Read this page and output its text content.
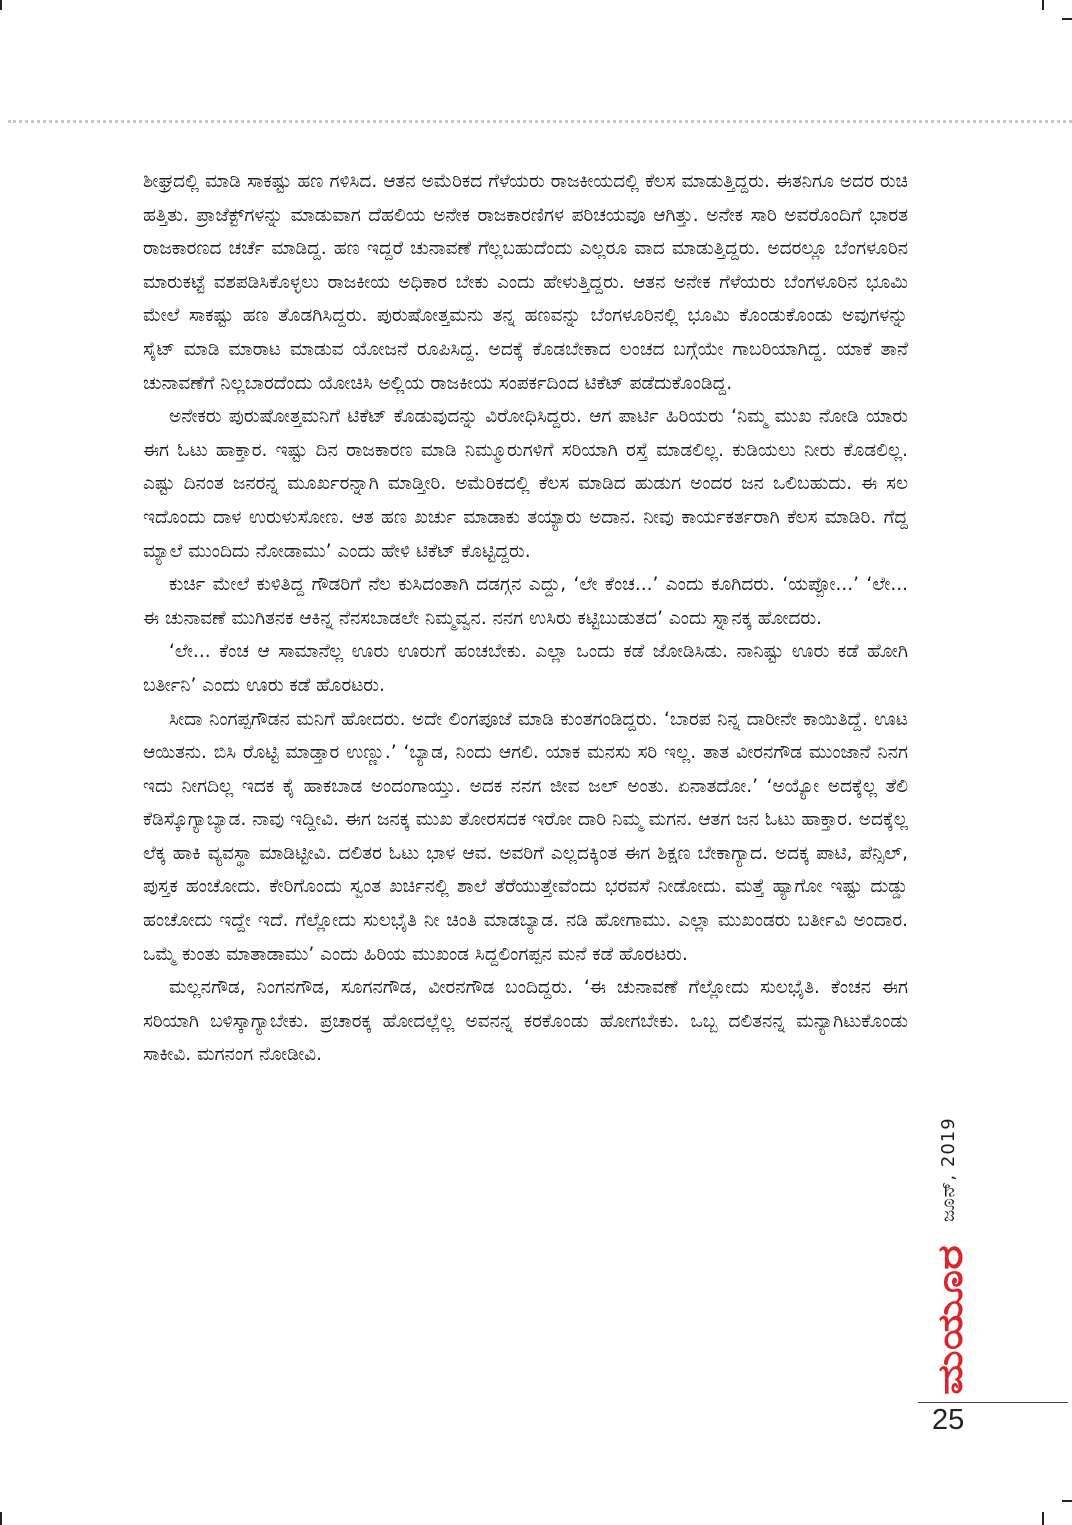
ಶೀಘ್ರದಲ್ಲಿ ಮಾಡಿ ಸಾಕಷ್ಟು ಹಣ ಗಳಿಸಿದ. ಆತನ ಅಮೆರಿಕದ ಗೆಳೆಯರು ರಾಜಕೀಯದಲ್ಲಿ ಕೆಲಸ ಮಾಡುತ್ತಿದ್ದರು. ಈತನಿಗೂ ಅದರ ರುಚಿ ಹತ್ತಿತು. ಪ್ರಾಜೆಕ್ಟ್‌ಗಳನ್ನು ಮಾಡುವಾಗ ದೆಹಲಿಯ ಅನೇಕ ರಾಜಕಾರಣಿಗಳ ಪರಿಚಯವೂ ಆಗಿತ್ತು. ಅನೇಕ ಸಾರಿ ಅವರೊಂದಿಗೆ ಭಾರತ ರಾಜಕಾರಣದ ಚರ್ಚೆ ಮಾಡಿದ್ದ. ಹಣ ಇದ್ದರೆ ಚುನಾವಣೆ ಗೆಲ್ಲಬಹುದೆಂದು ಎಲ್ಲರೂ ವಾದ ಮಾಡುತ್ತಿದ್ದರು. ಅದರಲ್ಲೂ ಬೆಂಗಳೂರಿನ ಮಾರುಕಟ್ಟೆ ವಶಪಡಿಸಿಕೊಳ್ಳಲು ರಾಜಕೀಯ ಅಧಿಕಾರ ಬೇಕು ಎಂದು ಹೇಳುತ್ತಿದ್ದರು. ಆತನ ಅನೇಕ ಗೆಳೆಯರು ಬೆಂಗಳೂರಿನ ಭೂಮಿ ಮೇಲೆ ಸಾಕಷ್ಟು ಹಣ ತೊಡಗಿಸಿದ್ದರು. ಪುರುಷೋತ್ತಮನು ತನ್ನ ಹಣವನ್ನು ಬೆಂಗಳೂರಿನಲ್ಲಿ ಭೂಮಿ ಕೊಂಡುಕೊಂಡು ಅವುಗಳನ್ನು ಸೈಟ್ ಮಾಡಿ ಮಾರಾಟ ಮಾಡುವ ಯೋಜನೆ ರೂಪಿಸಿದ್ದ. ಅದಕ್ಕೆ ಕೊಡಬೇಕಾದ ಲಂಚದ ಬಗ್ಗೆಯೇ ಗಾಬರಿಯಾಗಿದ್ದ. ಯಾಕೆ ತಾನೆ ಚುನಾವಣೆಗೆ ನಿಲ್ಲಬಾರದೆಂದು ಯೋಚಿಸಿ ಅಲ್ಲಿಯ ರಾಜಕೀಯ ಸಂಪರ್ಕದಿಂದ ಟಿಕೆಟ್ ಪಡೆದುಕೊಂಡಿದ್ದ.

ಅನೇಕರು ಪುರುಷೋತ್ತಮನಿಗೆ ಟಿಕೆಟ್ ಕೊಡುವುದನ್ನು ವಿರೋಧಿಸಿದ್ದರು. ಆಗ ಪಾರ್ಟಿ ಹಿರಿಯರು ‘ನಿಮ್ಮ ಮುಖ ನೋಡಿ ಯಾರು ಈಗ ಓಟು ಹಾಕ್ತಾರ. ಇಷ್ಟು ದಿನ ರಾಜಕಾರಣ ಮಾಡಿ ನಿಮ್ಮೂರುಗಳಿಗೆ ಸರಿಯಾಗಿ ರಸ್ತೆ ಮಾಡಲಿಲ್ಲ. ಕುಡಿಯಲು ನೀರು ಕೊಡಲಿಲ್ಲ. ಎಷ್ಟು ದಿನಂತ ಜನರನ್ನ ಮೂರ್ಖರನ್ನಾಗಿ ಮಾಡ್ತೀರಿ. ಅಮೆರಿಕದಲ್ಲಿ ಕೆಲಸ ಮಾಡಿದ ಹುಡುಗ ಅಂದರ ಜನ ಒಲಿಬಹುದು. ಈ ಸಲ ಇದೊಂದು ದಾಳ ಉರುಳುಸೋಣ. ಆತ ಹಣ ಖರ್ಚು ಮಾಡಾಕು ತಯ್ಯಾರು ಅದಾನ. ನೀವು ಕಾರ್ಯಕರ್ತರಾಗಿ ಕೆಲಸ ಮಾಡಿರಿ. ಗೆದ್ದ ಮ್ಯಾಲೆ ಮುಂದಿದು ನೋಡಾಮು’ ಎಂದು ಹೇಳಿ ಟಿಕೆಟ್ ಕೊಟ್ಟಿದ್ದರು.

ಕುರ್ಚಿ ಮೇಲೆ ಕುಳಿತಿದ್ದ ಗೌಡರಿಗೆ ನೆಲ ಕುಸಿದಂತಾಗಿ ದಡಗ್ಗನ ಎದ್ದು, ‘ಲೇ ಕೆಂಚ...’ ಎಂದು ಕೂಗಿದರು. ‘ಯಪ್ಪೋ...’ ‘ಲೇ... ಈ ಚುನಾವಣೆ ಮುಗಿತನಕ ಆಕಿನ್ನ ನೆನಸಬಾಡಲೇ ನಿಮ್ಮವ್ವನ. ನನಗ ಉಸಿರು ಕಟ್ಟಿಬುಡುತದ’ ಎಂದು ಸ್ನಾನಕ್ಕ ಹೋದರು.

‘ಲೇ... ಕೆಂಚ ಆ ಸಾಮಾನೆಲ್ಲ ಊರು ಊರುಗೆ ಹಂಚಬೇಕು. ಎಲ್ಲಾ ಒಂದು ಕಡೆ ಜೋಡಿಸಿಡು. ನಾನಿಷ್ಟು ಊರು ಕಡೆ ಹೋಗಿ ಬರ್ತೀನಿ’ ಎಂದು ಊರು ಕಡೆ ಹೊರಟರು.

ಸೀದಾ ನಿಂಗಪ್ಪಗೌಡನ ಮನಿಗೆ ಹೋದರು. ಅದೇ ಲಿಂಗಪೂಜೆ ಮಾಡಿ ಕುಂತಗಂಡಿದ್ದರು. ‘ಬಾರಪ ನಿನ್ನ ದಾರೀನೇ ಕಾಯಿತಿದ್ದೆ. ಊಟ ಆಯಿತನು. ಬಿಸಿ ರೊಟ್ಟಿ ಮಾಡ್ತಾರ ಉಣ್ಣು.’ ‘ಬ್ಯಾಡ, ನಿಂದು ಆಗಲಿ. ಯಾಕ ಮನಸು ಸರಿ ಇಲ್ಲ. ತಾತ ವೀರನಗೌಡ ಮುಂಜಾನೆ ನಿನಗ ಇದು ನೀಗದಿಲ್ಲ ಇದಕ ಕೈ ಹಾಕಬಾಡ ಅಂದಂಗಾಯ್ತು. ಅದಕ ನನಗ ಜೀವ ಜಲ್ ಅಂತು. ಏನಾತದೋ.’ ‘ಅಯ್ಯೋ ಅದಕ್ಕೆಲ್ಲ ತೆಲಿ ಕೆಡಿಸ್ಕೊಗ್ಯಾಬ್ಯಾಡ. ನಾವು ಇದ್ದೀವಿ. ಈಗ ಜನಕ್ಕ ಮುಖ ತೋರಸದಕ ಇರೋ ದಾರಿ ನಿಮ್ಮ ಮಗನ. ಆತಗ ಜನ ಓಟು ಹಾಕ್ತಾರ. ಅದಕ್ಕೆಲ್ಲ ಲೆಕ್ಕ ಹಾಕಿ ವ್ಯವಸ್ಥಾ ಮಾಡಿಟ್ಟೀವಿ. ದಲಿತರ ಓಟು ಭಾಳ ಆವ. ಅವರಿಗೆ ಎಲ್ಲದಕ್ಕಿಂತ ಈಗ ಶಿಕ್ಷಣ ಬೇಕಾಗ್ಯಾದ. ಅದಕ್ಕ ಪಾಟಿ, ಪೆನ್ಸಿಲ್, ಪುಸ್ತಕ ಹಂಚೋದು. ಕೇರಿಗೊಂದು ಸ್ವಂತ ಖರ್ಚಿನಲ್ಲಿ ಶಾಲೆ ತೆರೆಯುತ್ತೇವೆಂದು ಭರವಸೆ ನೀಡೋದು. ಮತ್ತೆ ಹ್ಯಾಗೋ ಇಷ್ಟು ದುಡ್ಡು ಹಂಚೋದು ಇದ್ದೇ ಇದೆ. ಗೆಲ್ಲೋದು ಸುಲಭೈತಿ ನೀ ಚಿಂತಿ ಮಾಡಬ್ಯಾಡ. ನಡಿ ಹೋಗಾಮು. ಎಲ್ಲಾ ಮುಖಂಡರು ಬರ್ತೀವಿ ಅಂದಾರ. ಒಮ್ಮೆ ಕುಂತು ಮಾತಾಡಾಮು’ ಎಂದು ಹಿರಿಯ ಮುಖಂಡ ಸಿದ್ದಲಿಂಗಪ್ಪನ ಮನೆ ಕಡೆ ಹೊರಟರು.

ಮಲ್ಲನಗೌಡ, ನಿಂಗನಗೌಡ, ಸೂಗನಗೌಡ, ವೀರನಗೌಡ ಬಂದಿದ್ದರು. ‘ಈ ಚುನಾವಣೆ ಗೆಲ್ಲೋದು ಸುಲಭೈತಿ. ಕೆಂಚನ ಈಗ ಸರಿಯಾಗಿ ಬಳಿಸ್ಕಾಗ್ಯಾಬೇಕು. ಪ್ರಚಾರಕ್ಕ ಹೋದಲ್ಲೆಲ್ಲ ಅವನನ್ನ ಕರಕೊಂಡು ಹೋಗಬೇಕು. ಒಬ್ಬ ದಲಿತನನ್ನ ಮನ್ಯಾಗಿಟುಕೊಂಡು ಸಾಕೀವಿ. ಮಗನಂಗ ನೋಡೀವಿ.

ಜೂನ್, 2019
ಮಯೂರ
25
